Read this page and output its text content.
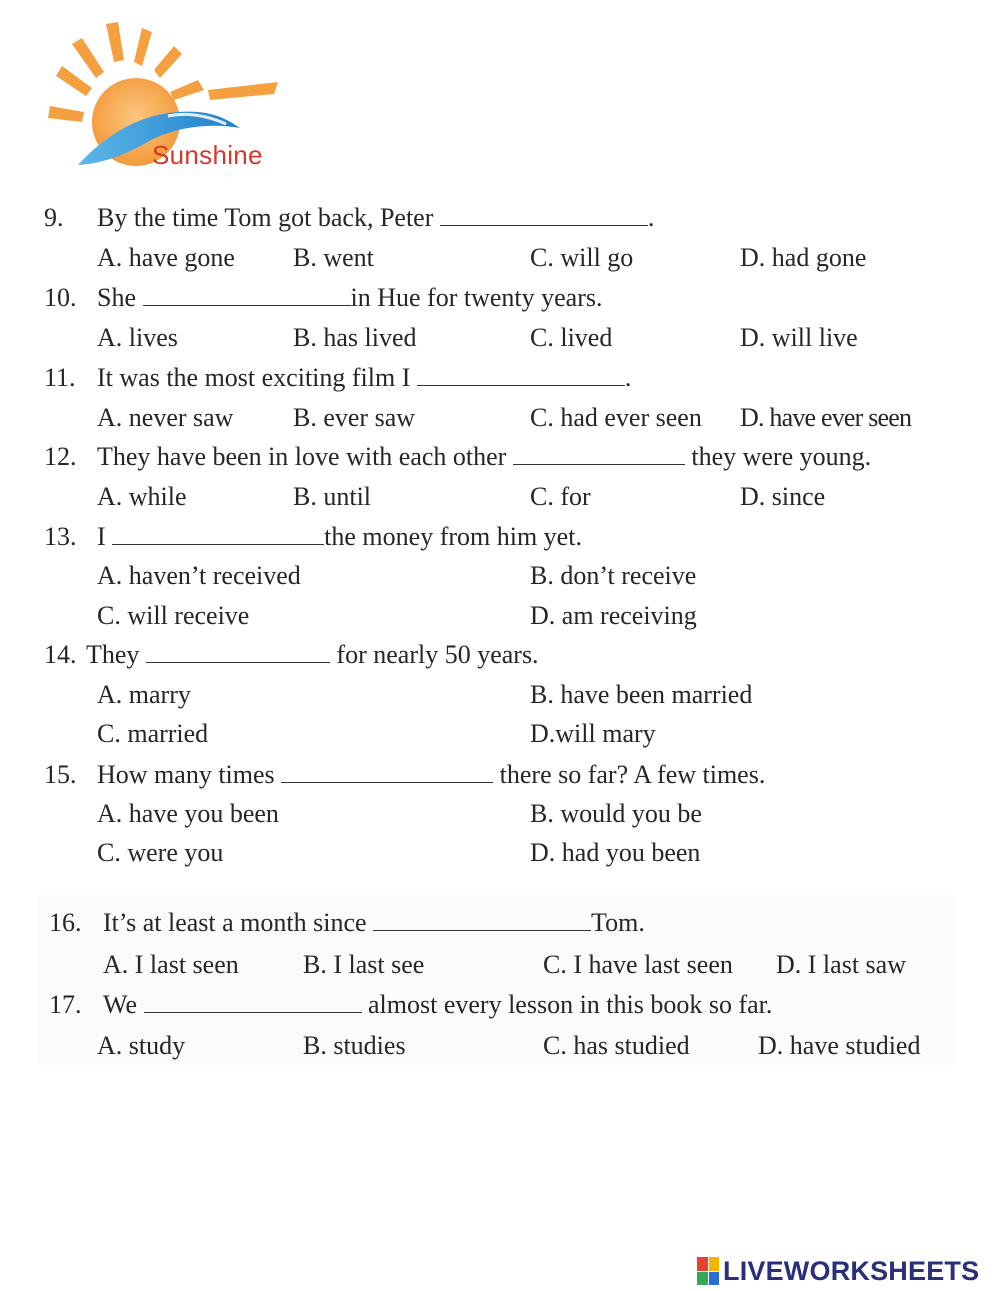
Sunshine
9. By the time Tom got back, Peter	.
A. have gone B. went	C. will go	D. had gone
10. She	in Hue for twenty years.
A. lives	B. has lived	C. lived	D. will live
11. It was the most exciting film I	.
A. never saw B. ever saw	C. had ever seen D. have ever seen
12. They have been in love with each other	they were young.
A. while	B. until	C. for	D. since
13. I	the money from him yet.
A. haven’t received	B. don’t receive
C. will receive	D. am receiving
14. They	for nearly 50 years.
A. marry	B. have been married
C. married	D.will mary
15. How many times	there so far? A few times.
A. have you been	B. would you be
C. were you	D. had you been
16. It’s at least a month since	Tom.
A. I last seen B. I last see	C. I have last seen D. I last saw
17. We	almost every lesson in this book so far.
A. study	B. studies	C. has studied	D. have studied
LIVEWORKSHEETS
